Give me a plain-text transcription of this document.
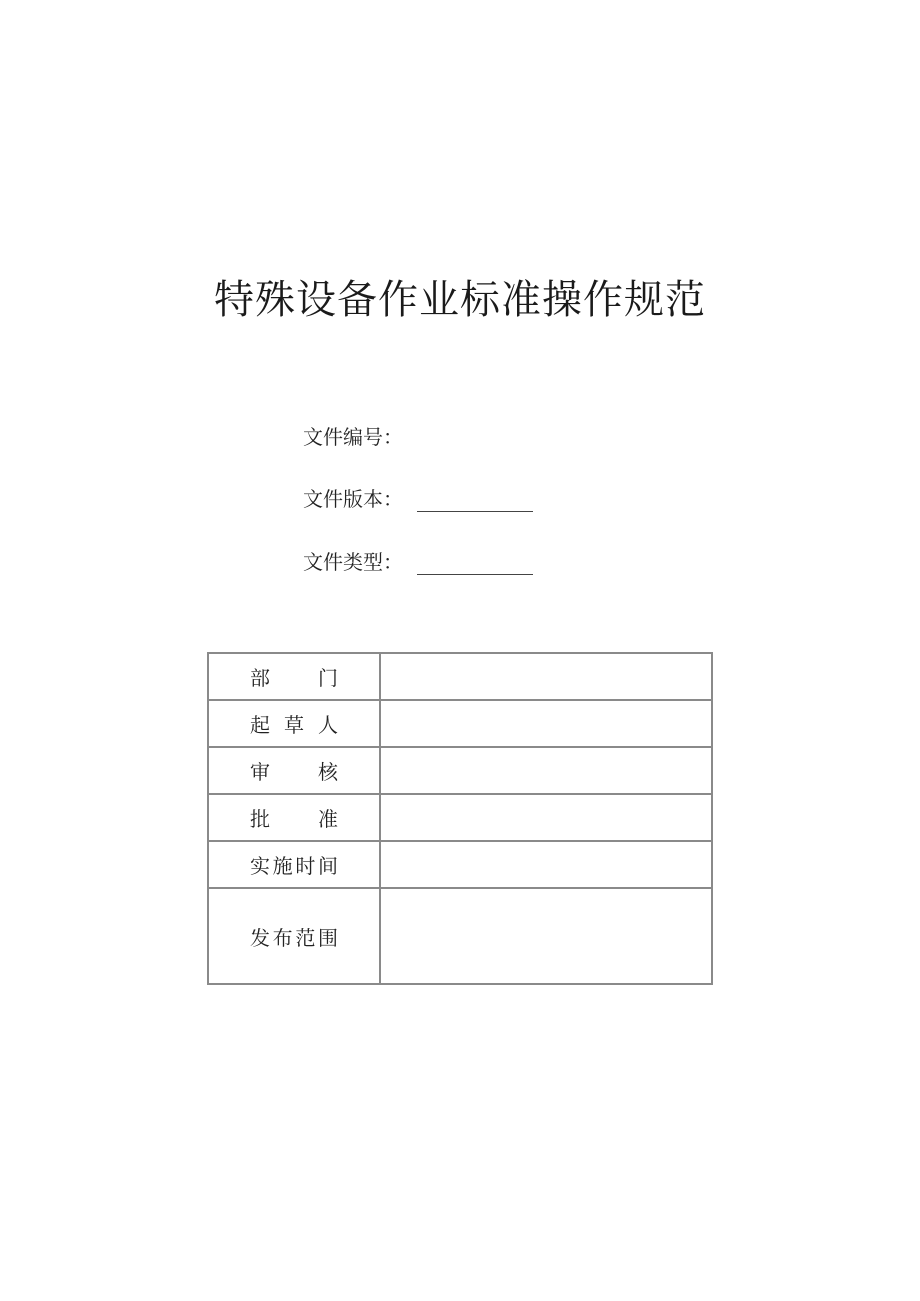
特殊设备作业标准操作规范
文件编号：
文件版本：
文件类型：
部　　门	
起 草 人	
审　　核	
批　　准	
实施时间	
发布范围	
